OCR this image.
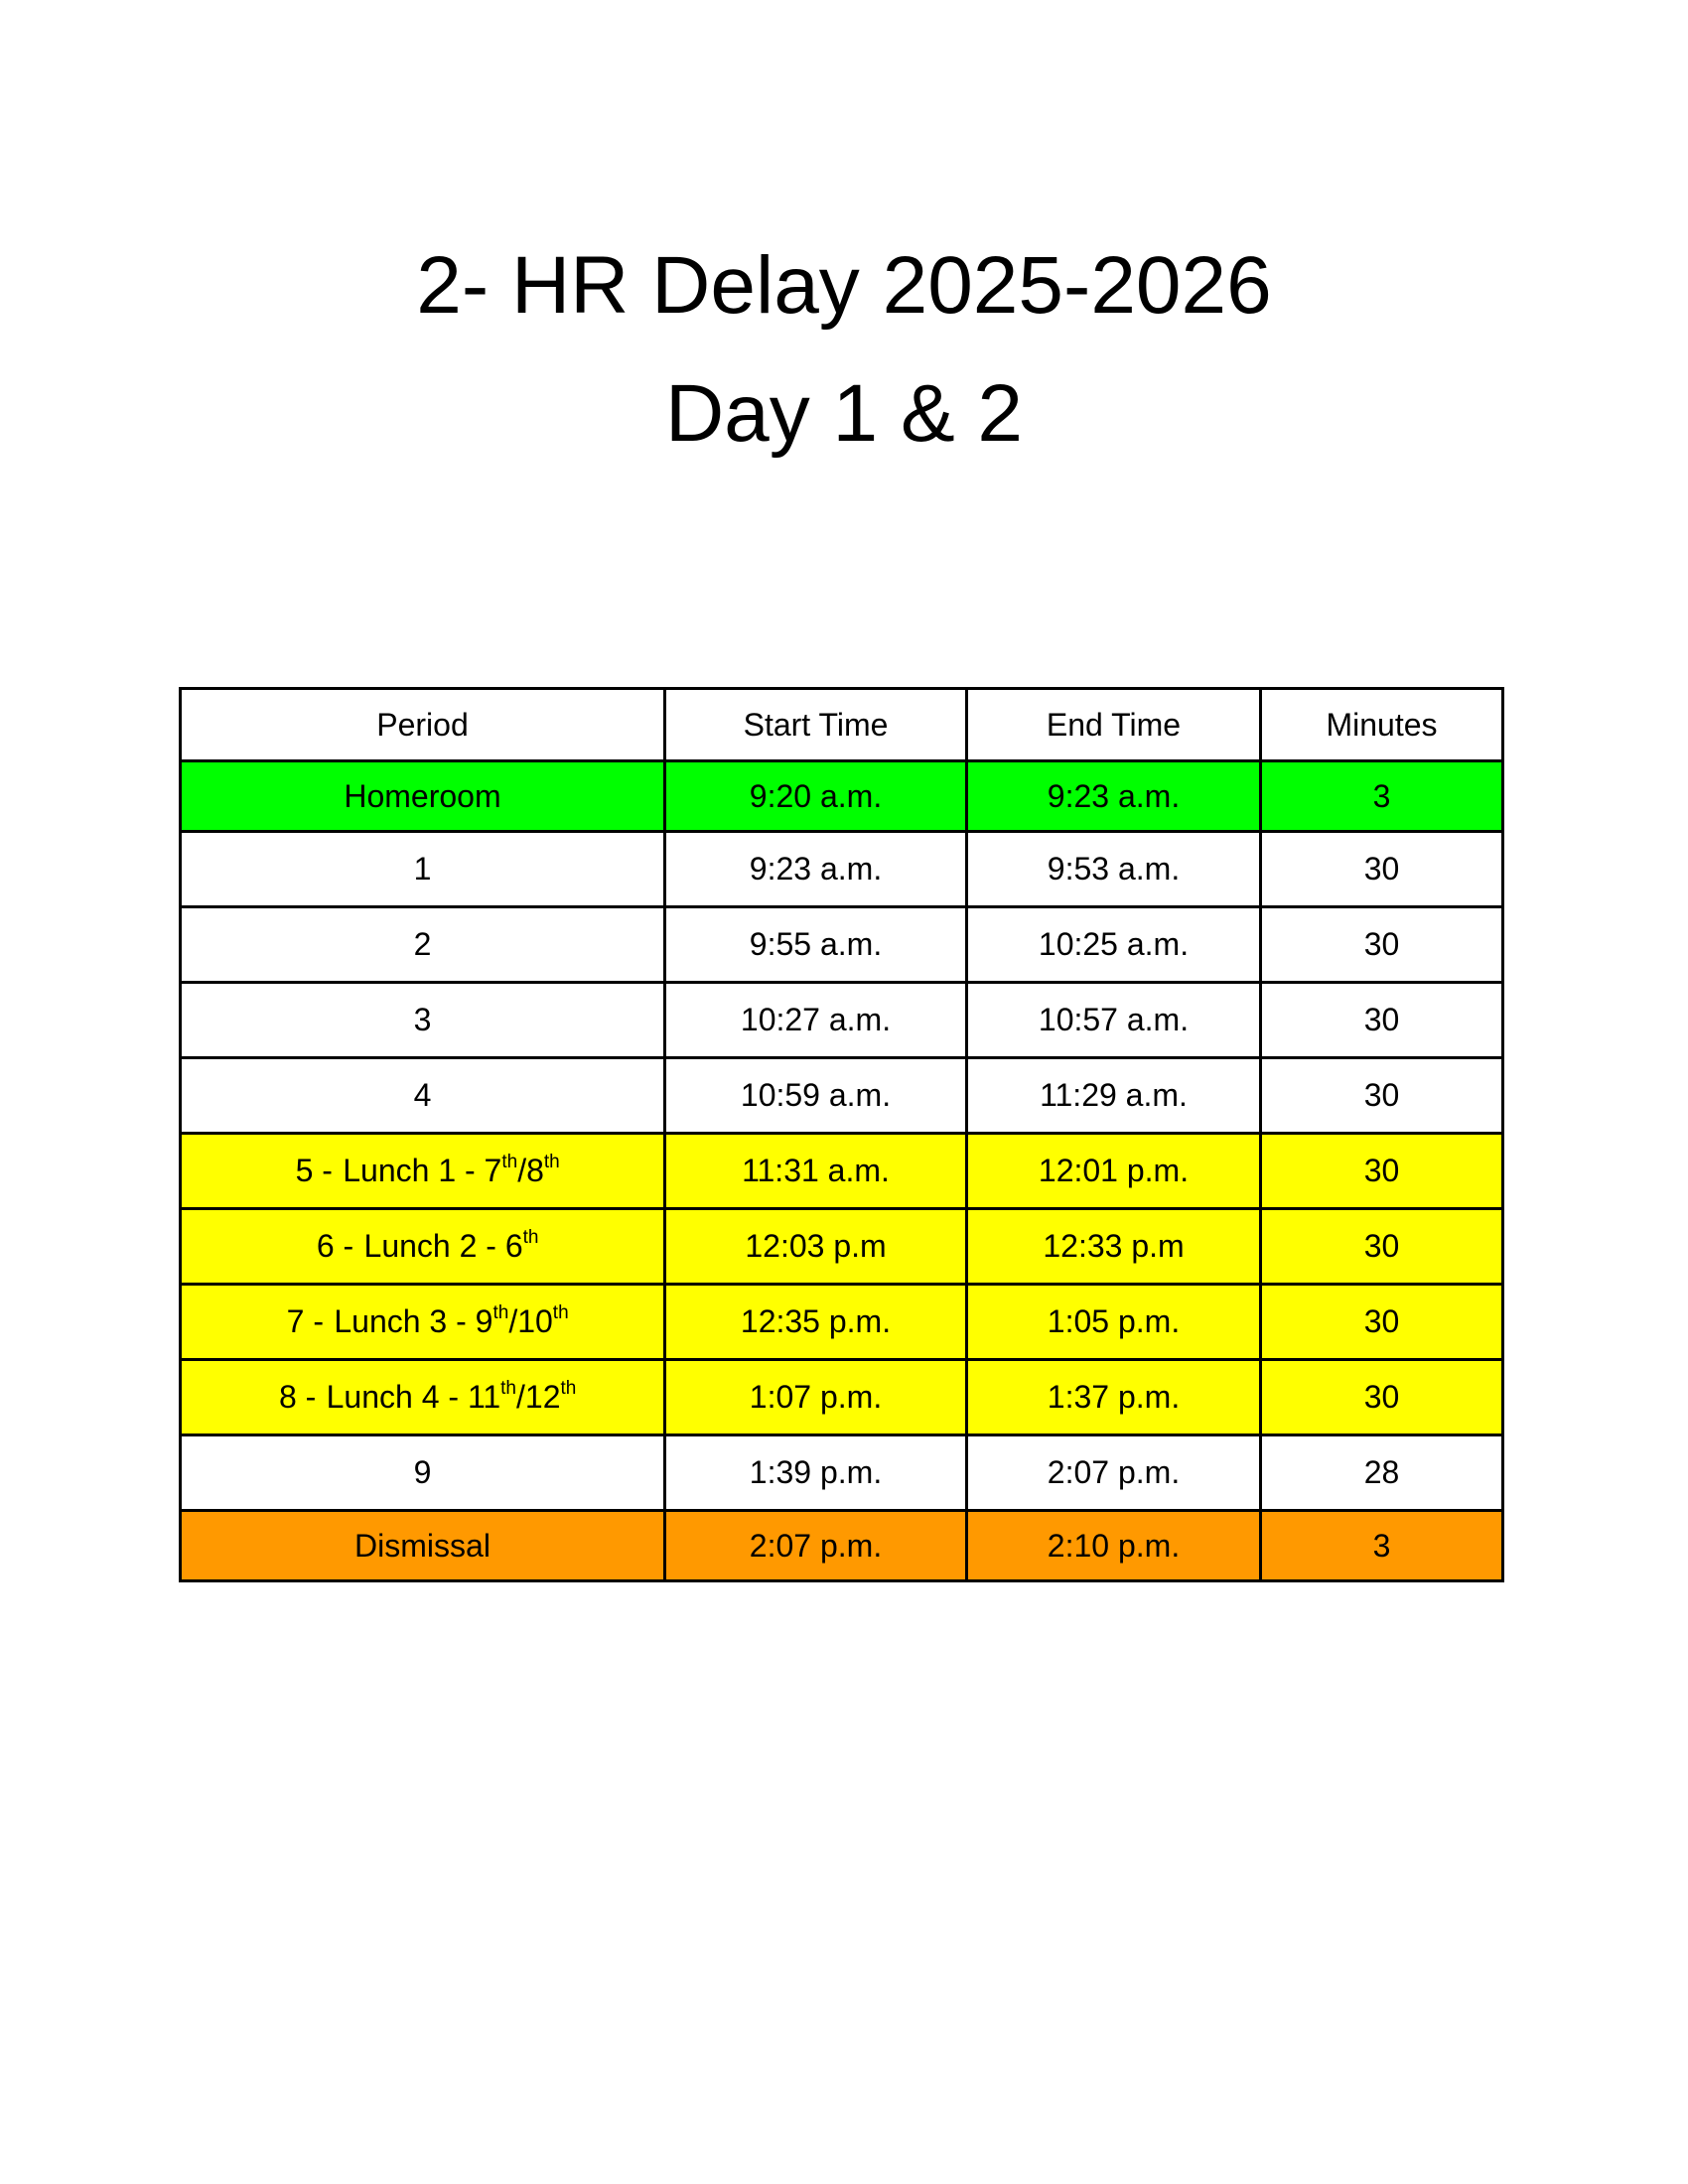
2- HR Delay 2025-2026
Day 1 & 2
Period	Start Time	End Time	Minutes
Homeroom	9:20 a.m.	9:23 a.m.	3
1	9:23 a.m.	9:53 a.m.	30
2	9:55 a.m.	10:25 a.m.	30
3	10:27 a.m.	10:57 a.m.	30
4	10:59 a.m.	11:29 a.m.	30
5 - Lunch 1 - 7th/8th	11:31 a.m.	12:01 p.m.	30
6 - Lunch 2 - 6th	12:03 p.m	12:33 p.m	30
7 - Lunch 3 - 9th/10th	12:35 p.m.	1:05 p.m.	30
8 - Lunch 4 - 11th/12th	1:07 p.m.	1:37 p.m.	30
9	1:39 p.m.	2:07 p.m.	28
Dismissal	2:07 p.m.	2:10 p.m.	3
